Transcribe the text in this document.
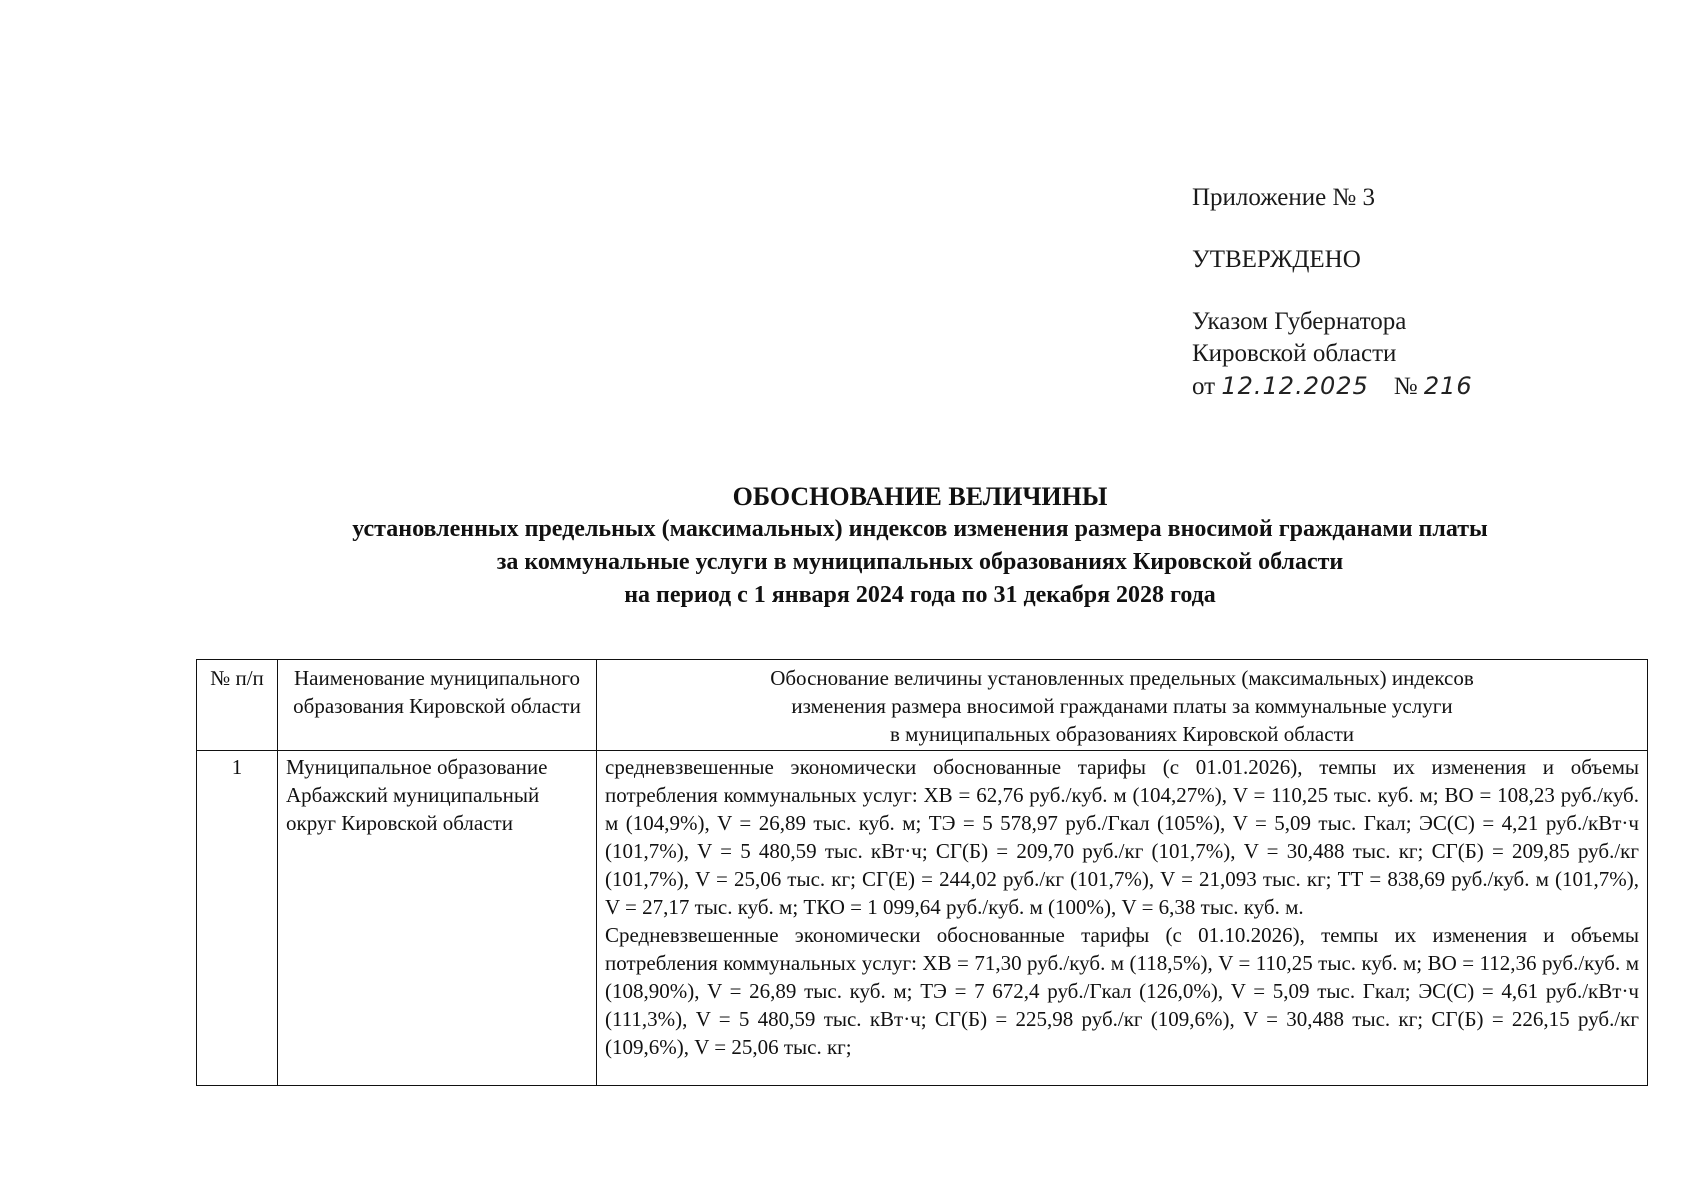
Приложение № 3
УТВЕРЖДЕНО
Указом Губернатора
Кировской области
от 12.12.2025 № 216
ОБОСНОВАНИЕ ВЕЛИЧИНЫ
установленных предельных (максимальных) индексов изменения размера вносимой гражданами платы
за коммунальные услуги в муниципальных образованиях Кировской области
на период с 1 января 2024 года по 31 декабря 2028 года
№ п/п	Наименование муниципального образования Кировской области	Обоснование величины установленных предельных (максимальных) индексов
изменения размера вносимой гражданами платы за коммунальные услуги
в муниципальных образованиях Кировской области

1	Муниципальное образование Арбажский муниципальный округ Кировской области	средневзвешенные экономически обоснованные тарифы (с 01.01.2026), темпы их изменения и объемы потребления коммунальных услуг: ХВ = 62,76 руб./куб. м (104,27%), V = 110,25 тыс. куб. м; ВО = 108,23 руб./куб. м (104,9%), V = 26,89 тыс. куб. м; ТЭ = 5 578,97 руб./Гкал (105%), V = 5,09 тыс. Гкал; ЭС(С) = 4,21 руб./кВт·ч (101,7%), V = 5 480,59 тыс. кВт·ч; СГ(Б) = 209,70 руб./кг (101,7%), V = 30,488 тыс. кг; СГ(Б) = 209,85 руб./кг (101,7%), V = 25,06 тыс. кг; СГ(Е) = 244,02 руб./кг (101,7%), V = 21,093 тыс. кг; ТТ = 838,69 руб./куб. м (101,7%), V = 27,17 тыс. куб. м; ТКО = 1 099,64 руб./куб. м (100%), V = 6,38 тыс. куб. м.
Средневзвешенные экономически обоснованные тарифы (с 01.10.2026), темпы их изменения и объемы потребления коммунальных услуг: ХВ = 71,30 руб./куб. м (118,5%), V = 110,25 тыс. куб. м; ВО = 112,36 руб./куб. м (108,90%), V = 26,89 тыс. куб. м; ТЭ = 7 672,4 руб./Гкал (126,0%), V = 5,09 тыс. Гкал; ЭС(С) = 4,61 руб./кВт·ч (111,3%), V = 5 480,59 тыс. кВт·ч; СГ(Б) = 225,98 руб./кг (109,6%), V = 30,488 тыс. кг; СГ(Б) = 226,15 руб./кг (109,6%), V = 25,06 тыс. кг;
